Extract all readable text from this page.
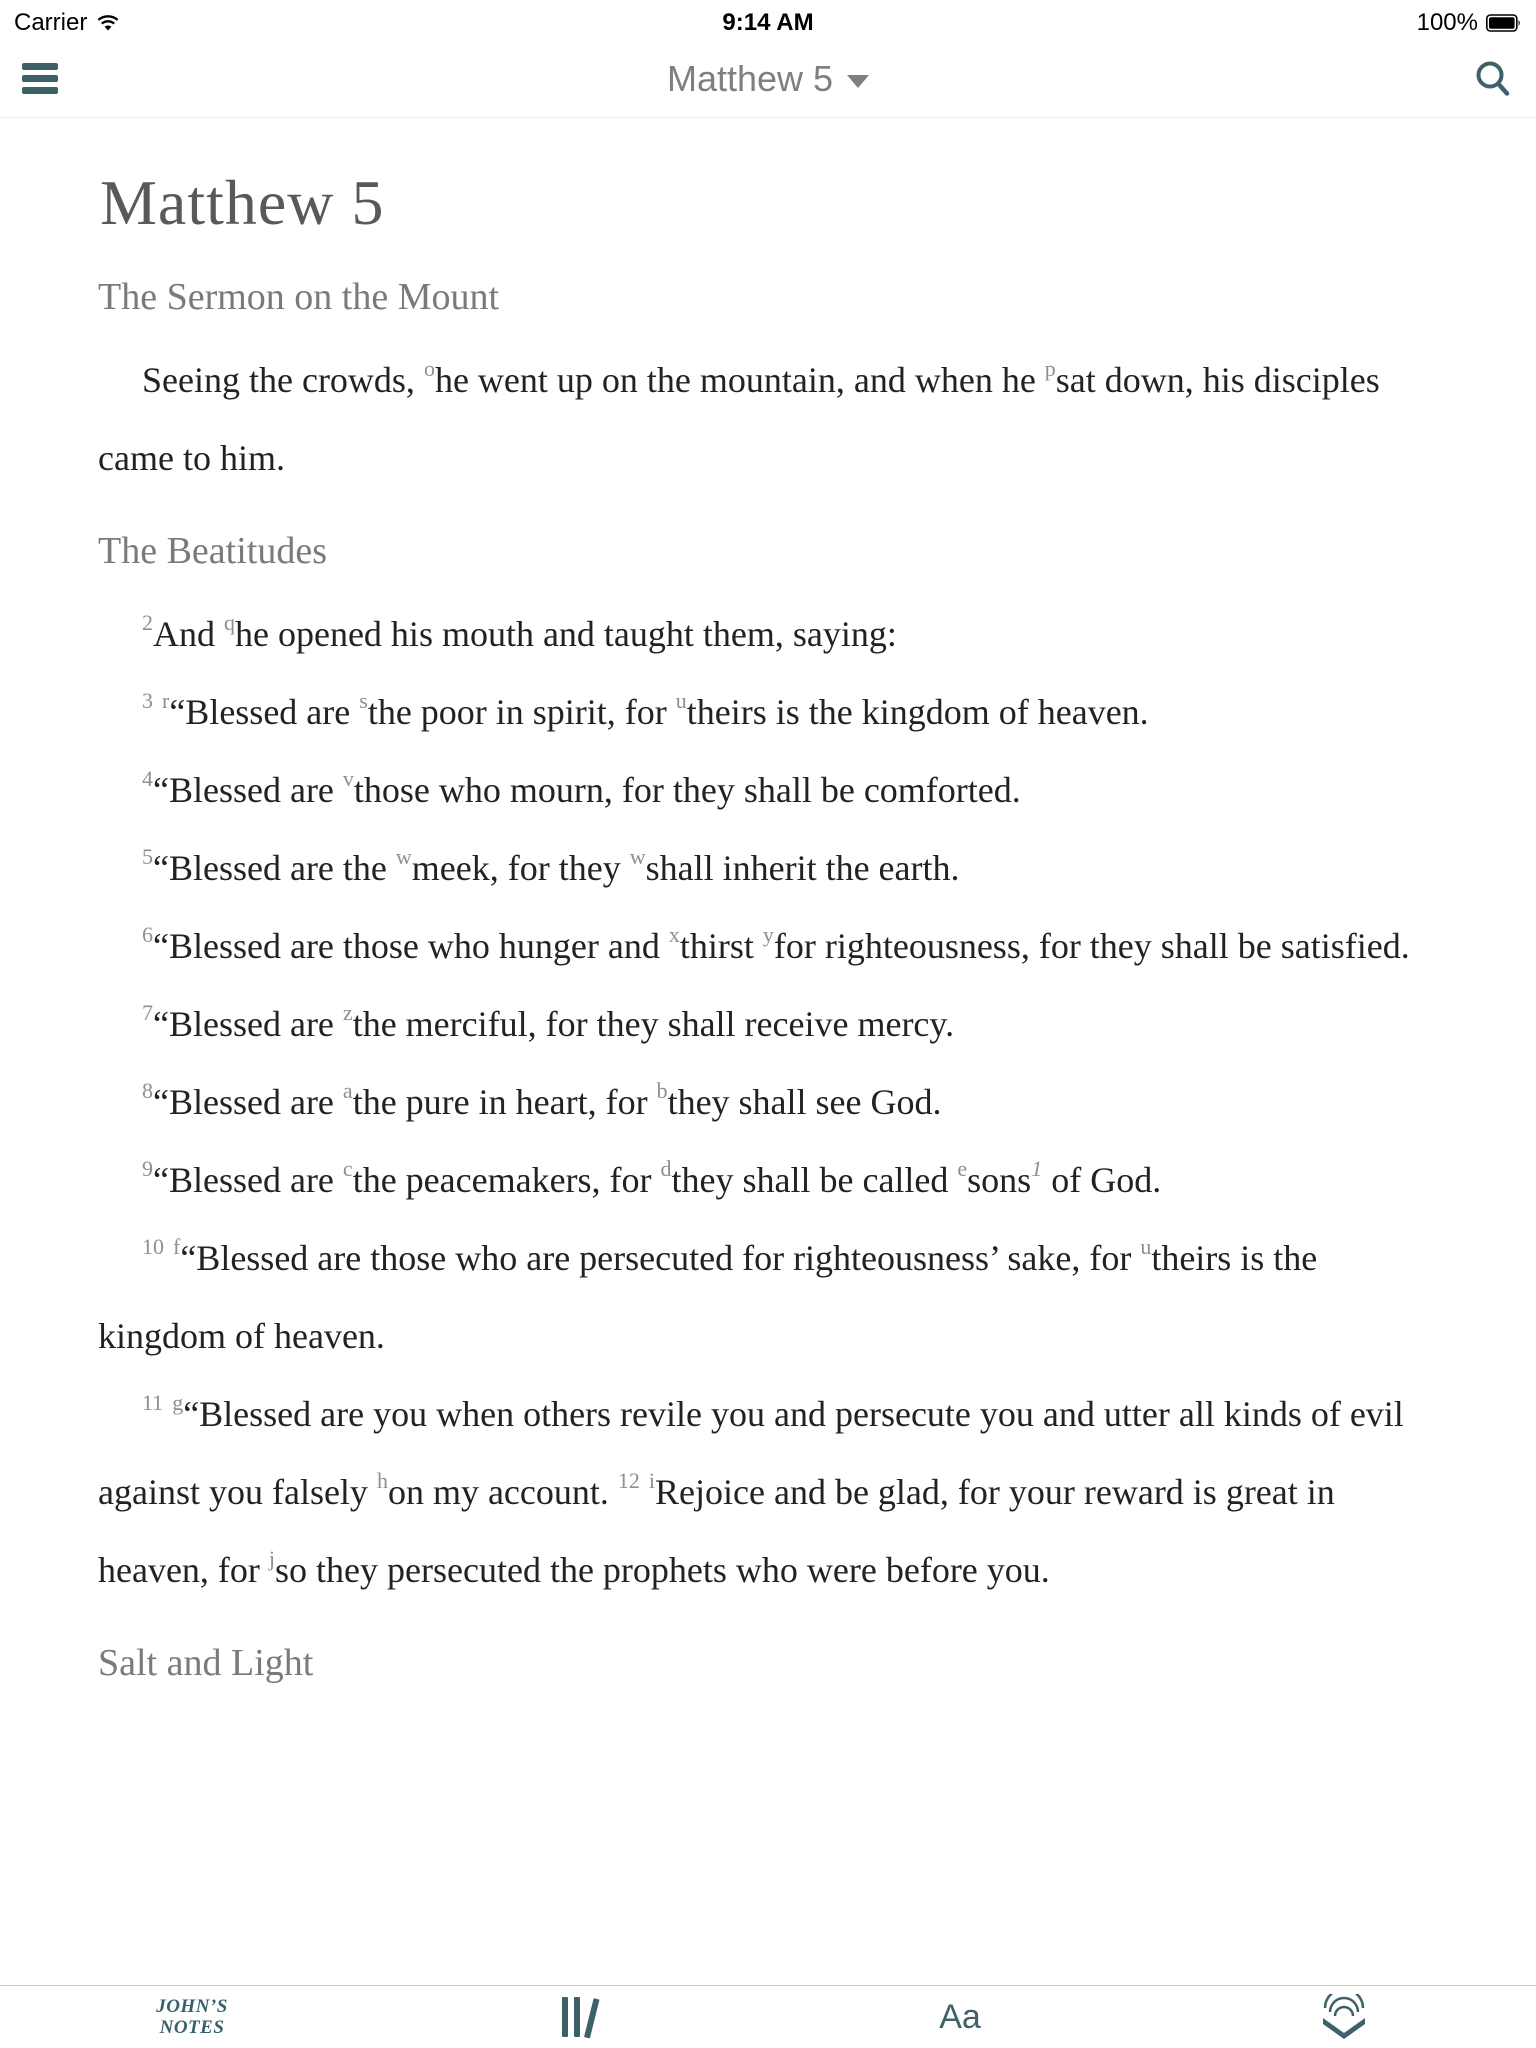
Carrier	9:14 AM	100%
Matthew 5
Matthew 5
The Sermon on the Mount

Seeing the crowds, $^o$he went up on the mountain, and when he $^p$sat down, his disciples came to him.

The Beatitudes

$^2$And $^q$he opened his mouth and taught them, saying:

$^3$ $^r$“Blessed are $^s$the poor in spirit, for $^u$theirs is the kingdom of heaven.

$^4$“Blessed are $^v$those who mourn, for they shall be comforted.

$^5$“Blessed are the $^w$meek, for they $^w$shall inherit the earth.

$^6$“Blessed are those who hunger and $^x$thirst $^y$for righteousness, for they shall be satisfied.

$^7$“Blessed are $^z$the merciful, for they shall receive mercy.

$^8$“Blessed are $^a$the pure in heart, for $^b$they shall see God.

$^9$“Blessed are $^c$the peacemakers, for $^d$they shall be called $^e$sons$^1$ of God.

$^{10}$ $^f$“Blessed are those who are persecuted for righteousness’ sake, for $^u$theirs is the kingdom of heaven.

$^{11}$ $^g$“Blessed are you when others revile you and persecute you and utter all kinds of evil against you falsely $^h$on my account. $^{12}$ $^i$Rejoice and be glad, for your reward is great in heaven, for $^j$so they persecuted the prophets who were before you.

Salt and Light
JOHN’S
NOTES	Aa
